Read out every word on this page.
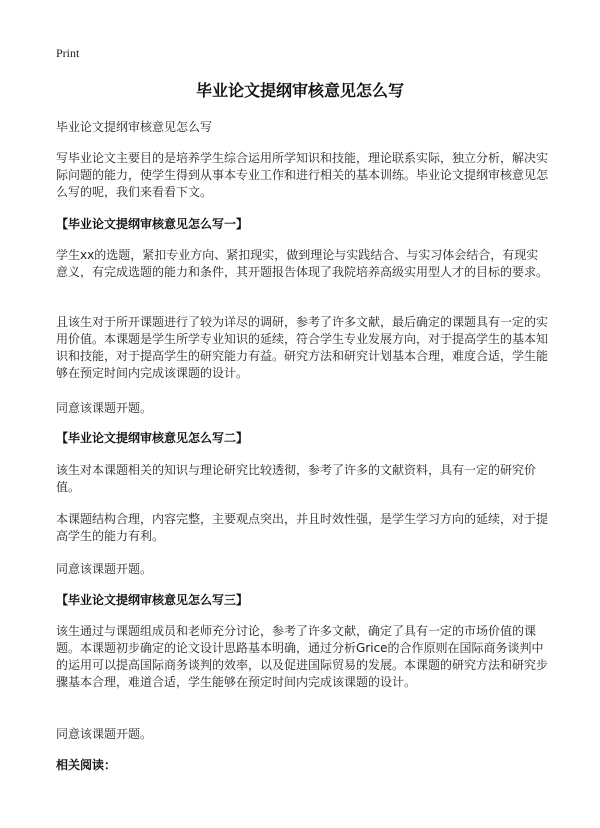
Print
毕业论文提纲审核意见怎么写

毕业论文提纲审核意见怎么写

写毕业论文主要目的是培养学生综合运用所学知识和技能，理论联系实际，独立分析，解决实际问题的能力，使学生得到从事本专业工作和进行相关的基本训练。毕业论文提纲审核意见怎么写的呢，我们来看看下文。

【毕业论文提纲审核意见怎么写一】

学生xx的选题，紧扣专业方向、紧扣现实，做到理论与实践结合、与实习体会结合，有现实意义，有完成选题的能力和条件，其开题报告体现了我院培养高级实用型人才的目标的要求。

且该生对于所开课题进行了较为详尽的调研，参考了许多文献，最后确定的课题具有一定的实用价值。本课题是学生所学专业知识的延续，符合学生专业发展方向，对于提高学生的基本知识和技能，对于提高学生的研究能力有益。研究方法和研究计划基本合理，难度合适，学生能够在预定时间内完成该课题的设计。

同意该课题开题。

【毕业论文提纲审核意见怎么写二】

该生对本课题相关的知识与理论研究比较透彻，参考了许多的文献资料，具有一定的研究价值。

本课题结构合理，内容完整，主要观点突出，并且时效性强，是学生学习方向的延续，对于提高学生的能力有利。

同意该课题开题。

【毕业论文提纲审核意见怎么写三】

该生通过与课题组成员和老师充分讨论，参考了许多文献，确定了具有一定的市场价值的课题。本课题初步确定的论文设计思路基本明确，通过分析Grice的合作原则在国际商务谈判中的运用可以提高国际商务谈判的效率，以及促进国际贸易的发展。本课题的研究方法和研究步骤基本合理，难道合适，学生能够在预定时间内完成该课题的设计。

同意该课题开题。

相关阅读：
